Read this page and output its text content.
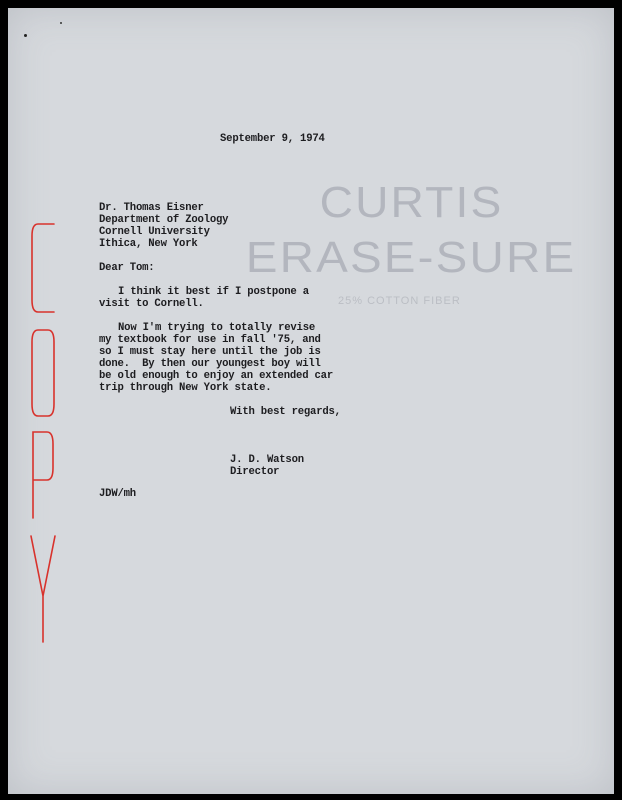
CURTIS
ERASE-SURE
25% COTTON FIBER
September 9, 1974
Dr. Thomas Eisner
Department of Zoology
Cornell University
Ithica, New York
Dear Tom:
I think it best if I postpone a
visit to Cornell.
Now I'm trying to totally revise
my textbook for use in fall '75, and
so I must stay here until the job is
done.  By then our youngest boy will
be old enough to enjoy an extended car
trip through New York state.
With best regards,
J. D. Watson
Director
JDW/mh
